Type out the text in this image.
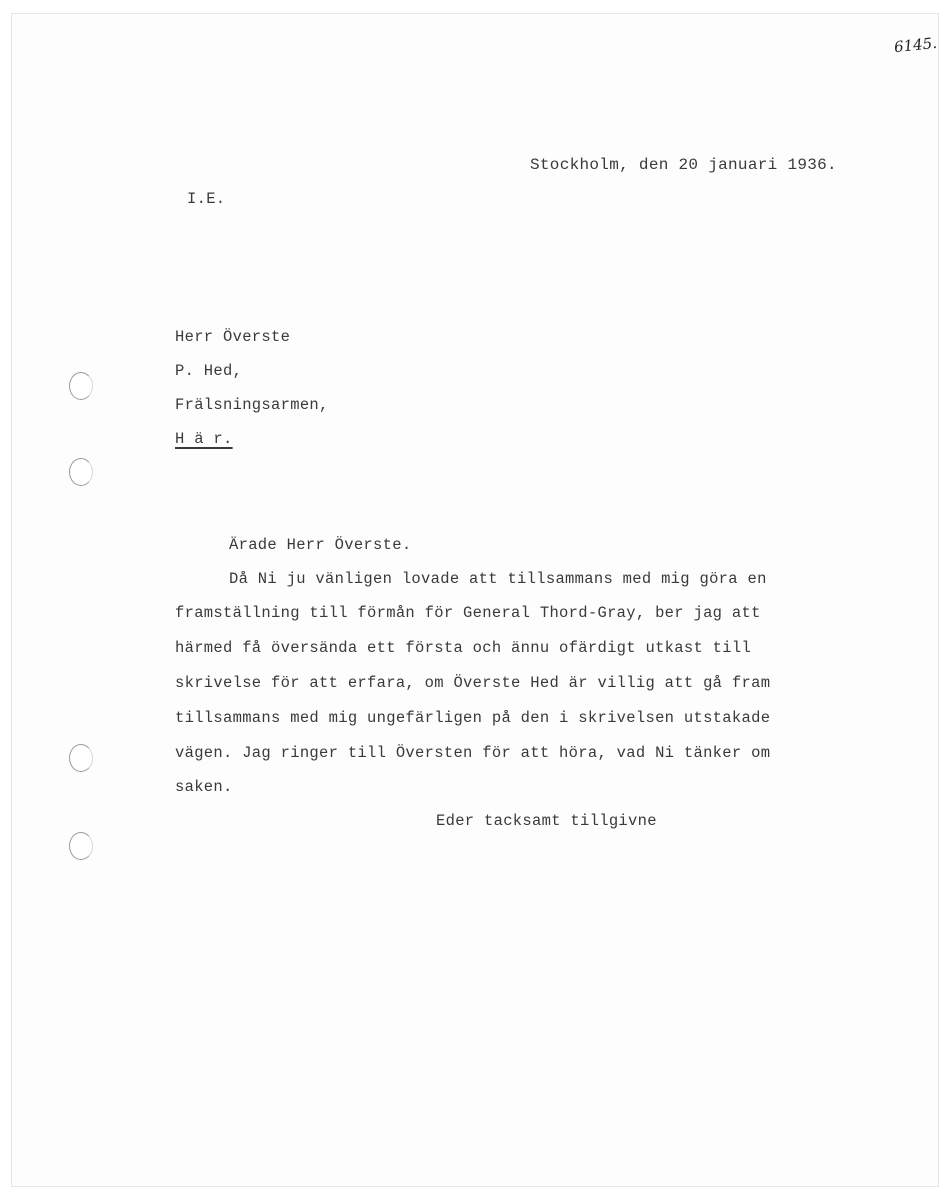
6145.

Stockholm, den 20 januari 1936.

I.E.

Herr Överste

P. Hed,

Frälsningsarmen,

H ä r.

Ärade Herr Överste.

Då Ni ju vänligen lovade att tillsammans med mig göra en

framställning till förmån för General Thord-Gray, ber jag att

härmed få översända ett första och ännu ofärdigt utkast till

skrivelse för att erfara, om Överste Hed är villig att gå fram

tillsammans med mig ungefärligen på den i skrivelsen utstakade

vägen. Jag ringer till Översten för att höra, vad Ni tänker om

saken.

Eder tacksamt tillgivne
